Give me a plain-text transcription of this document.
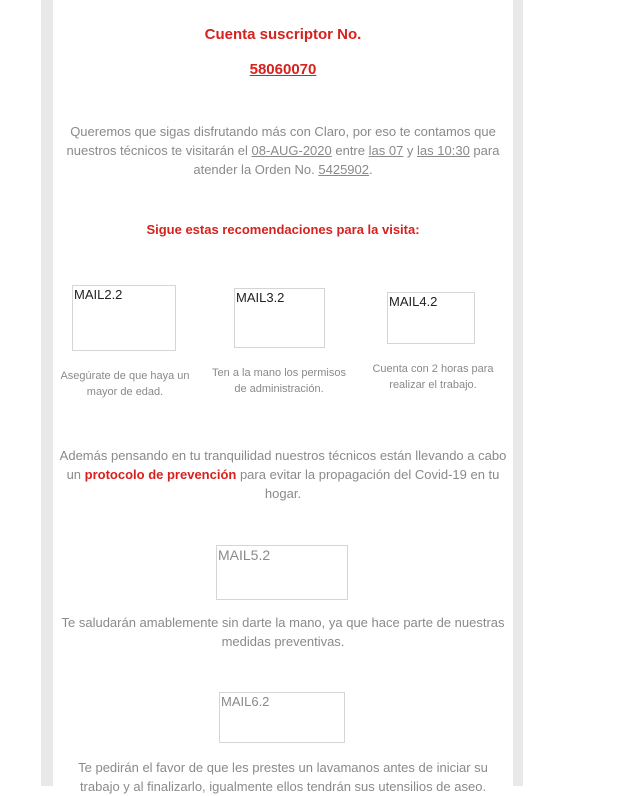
Cuenta suscriptor No.
58060070
Queremos que sigas disfrutando más con Claro, por eso te contamos que
nuestros técnicos te visitarán el 08-AUG-2020 entre las 07 y las 10:30 para
atender la Orden No. 5425902.
Sigue estas recomendaciones para la visita:
MAIL2.2	MAIL3.2	MAIL4.2
Asegúrate de que haya un mayor de edad.
Ten a la mano los permisos de administración.
Cuenta con 2 horas para realizar el trabajo.
Además pensando en tu tranquilidad nuestros técnicos están llevando a cabo
un protocolo de prevención para evitar la propagación del Covid-19 en tu
hogar.
MAIL5.2
Te saludarán amablemente sin darte la mano, ya que hace parte de nuestras
medidas preventivas.
MAIL6.2
Te pedirán el favor de que les prestes un lavamanos antes de iniciar su
trabajo y al finalizarlo, igualmente ellos tendrán sus utensilios de aseo.
